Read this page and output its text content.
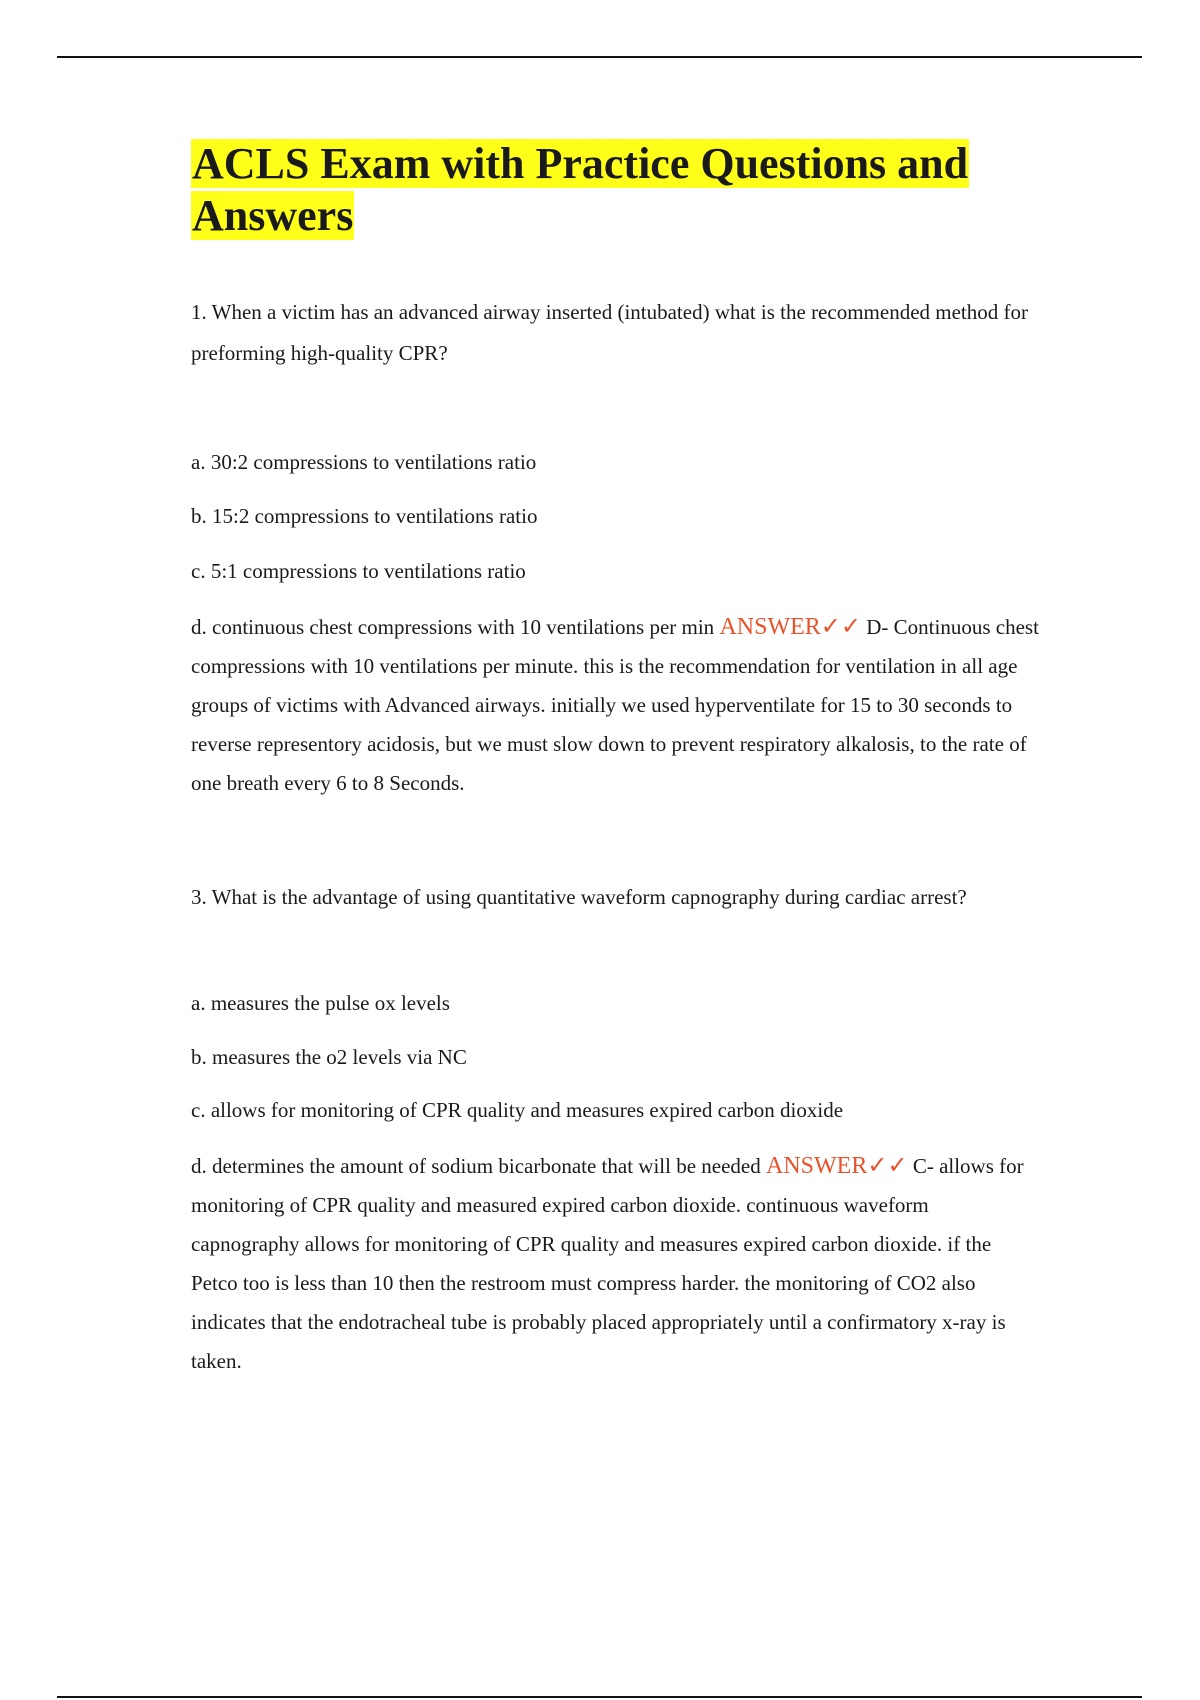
ACLS Exam with Practice Questions and Answers

1. When a victim has an advanced airway inserted (intubated) what is the recommended method for preforming high-quality CPR?

a. 30:2 compressions to ventilations ratio

b. 15:2 compressions to ventilations ratio

c. 5:1 compressions to ventilations ratio

d. continuous chest compressions with 10 ventilations per min ANSWER✓✓ D- Continuous chest compressions with 10 ventilations per minute. this is the recommendation for ventilation in all age groups of victims with Advanced airways. initially we used hyperventilate for 15 to 30 seconds to reverse representory acidosis, but we must slow down to prevent respiratory alkalosis, to the rate of one breath every 6 to 8 Seconds.

3. What is the advantage of using quantitative waveform capnography during cardiac arrest?

a. measures the pulse ox levels

b. measures the o2 levels via NC

c. allows for monitoring of CPR quality and measures expired carbon dioxide

d. determines the amount of sodium bicarbonate that will be needed ANSWER✓✓ C- allows for monitoring of CPR quality and measured expired carbon dioxide. continuous waveform capnography allows for monitoring of CPR quality and measures expired carbon dioxide. if the Petco too is less than 10 then the restroom must compress harder. the monitoring of CO2 also indicates that the endotracheal tube is probably placed appropriately until a confirmatory x-ray is taken.
